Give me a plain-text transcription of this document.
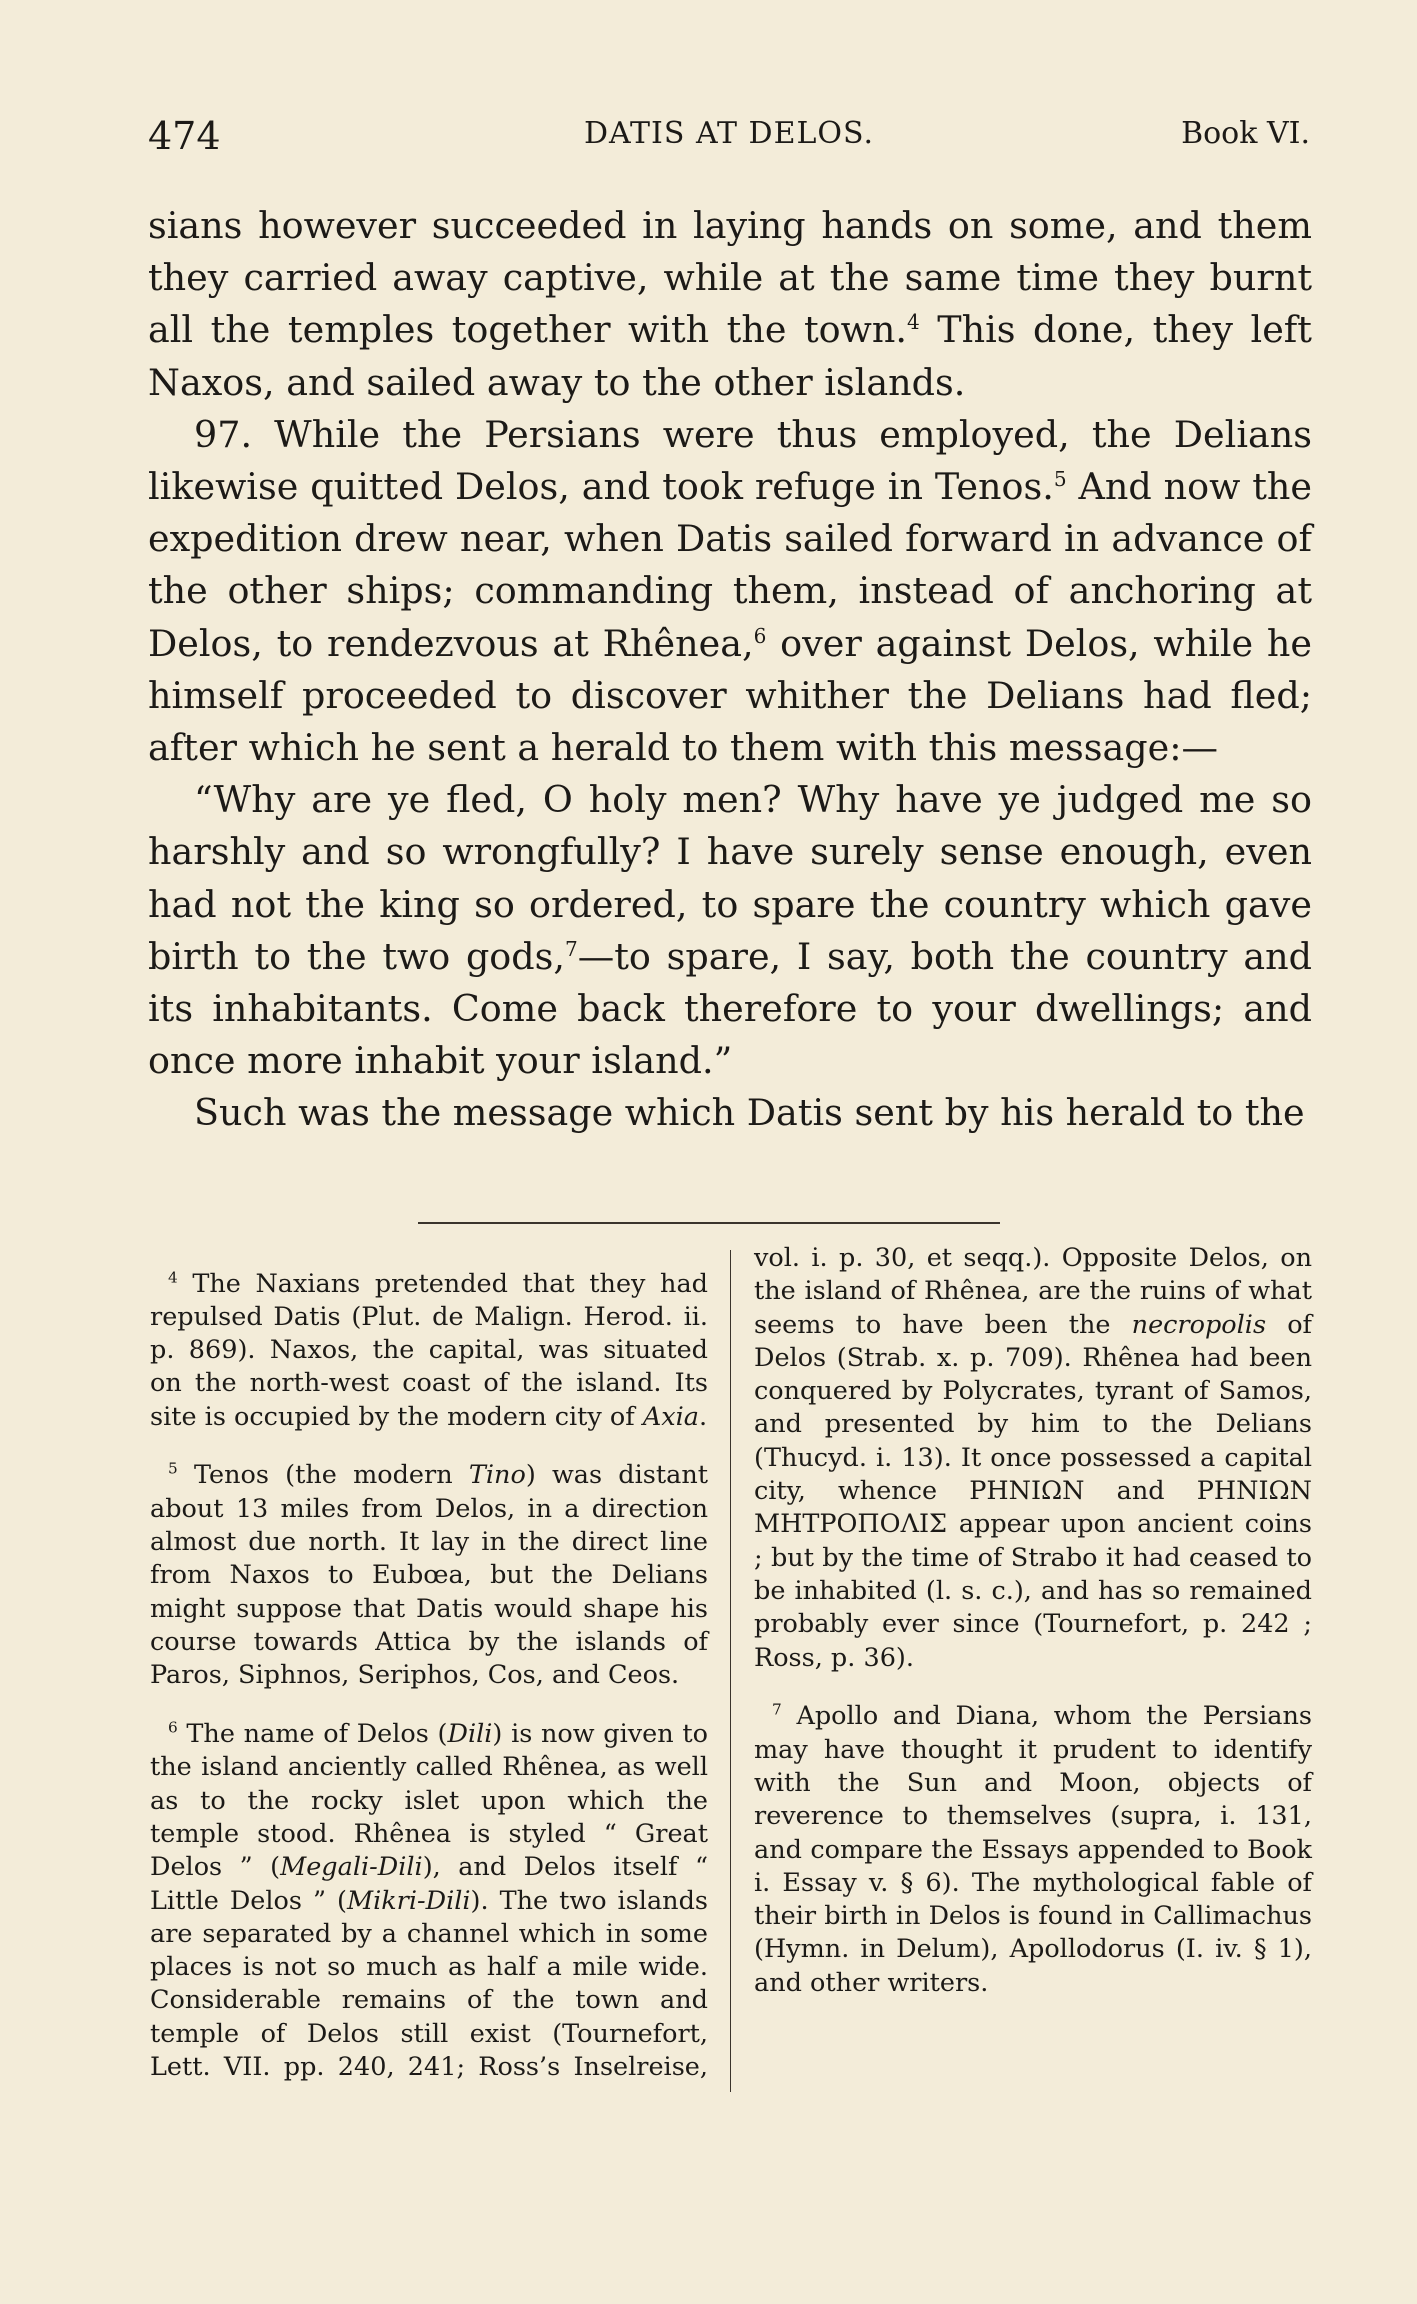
474	DATIS AT DELOS.	Book VI.

sians however succeeded in laying hands on some, and them they carried away captive, while at the same time they burnt all the temples together with the town.$^4$ This done, they left Naxos, and sailed away to the other islands.

97. While the Persians were thus employed, the Delians likewise quitted Delos, and took refuge in Tenos.$^5$ And now the expedition drew near, when Datis sailed forward in advance of the other ships; commanding them, instead of anchoring at Delos, to rendezvous at Rhênea,$^6$ over against Delos, while he himself proceeded to discover whither the Delians had fled; after which he sent a herald to them with this message:—

“Why are ye fled, O holy men? Why have ye judged me so harshly and so wrongfully? I have surely sense enough, even had not the king so ordered, to spare the country which gave birth to the two gods,$^7$—to spare, I say, both the country and its inhabitants. Come back therefore to your dwellings; and once more inhabit your island.”

Such was the message which Datis sent by his herald to the

$^4$ The Naxians pretended that they had repulsed Datis (Plut. de Malign. Herod. ii. p. 869). Naxos, the capital, was situated on the north-west coast of the island. Its site is occupied by the modern city of Axia.

$^5$ Tenos (the modern Tino) was distant about 13 miles from Delos, in a direction almost due north. It lay in the direct line from Naxos to Eubœa, but the Delians might suppose that Datis would shape his course towards Attica by the islands of Paros, Siphnos, Seriphos, Cos, and Ceos.

$^6$ The name of Delos (Dili) is now given to the island anciently called Rhênea, as well as to the rocky islet upon which the temple stood. Rhênea is styled “ Great Delos ” (Megali-Dili), and Delos itself “ Little Delos ” (Mikri-Dili). The two islands are separated by a channel which in some places is not so much as half a mile wide. Considerable remains of the town and temple of Delos still exist (Tournefort, Lett. VII. pp. 240, 241; Ross’s Inselreise, vol. i. p. 30, et seqq.). Opposite Delos, on the island of Rhênea, are the ruins of what seems to have been the necropolis of Delos (Strab. x. p. 709). Rhênea had been conquered by Polycrates, tyrant of Samos, and presented by him to the Delians (Thucyd. i. 13). It once possessed a capital city, whence ΡΗΝΙΩΝ and ΡΗΝΙΩΝ ΜΗΤΡΟΠΟΛΙΣ appear upon ancient coins ; but by the time of Strabo it had ceased to be inhabited (l. s. c.), and has so remained probably ever since (Tournefort, p. 242 ; Ross, p. 36).

$^7$ Apollo and Diana, whom the Persians may have thought it prudent to identify with the Sun and Moon, objects of reverence to themselves (supra, i. 131, and compare the Essays appended to Book i. Essay v. § 6). The mythological fable of their birth in Delos is found in Callimachus (Hymn. in Delum), Apollodorus (I. iv. § 1), and other writers.
